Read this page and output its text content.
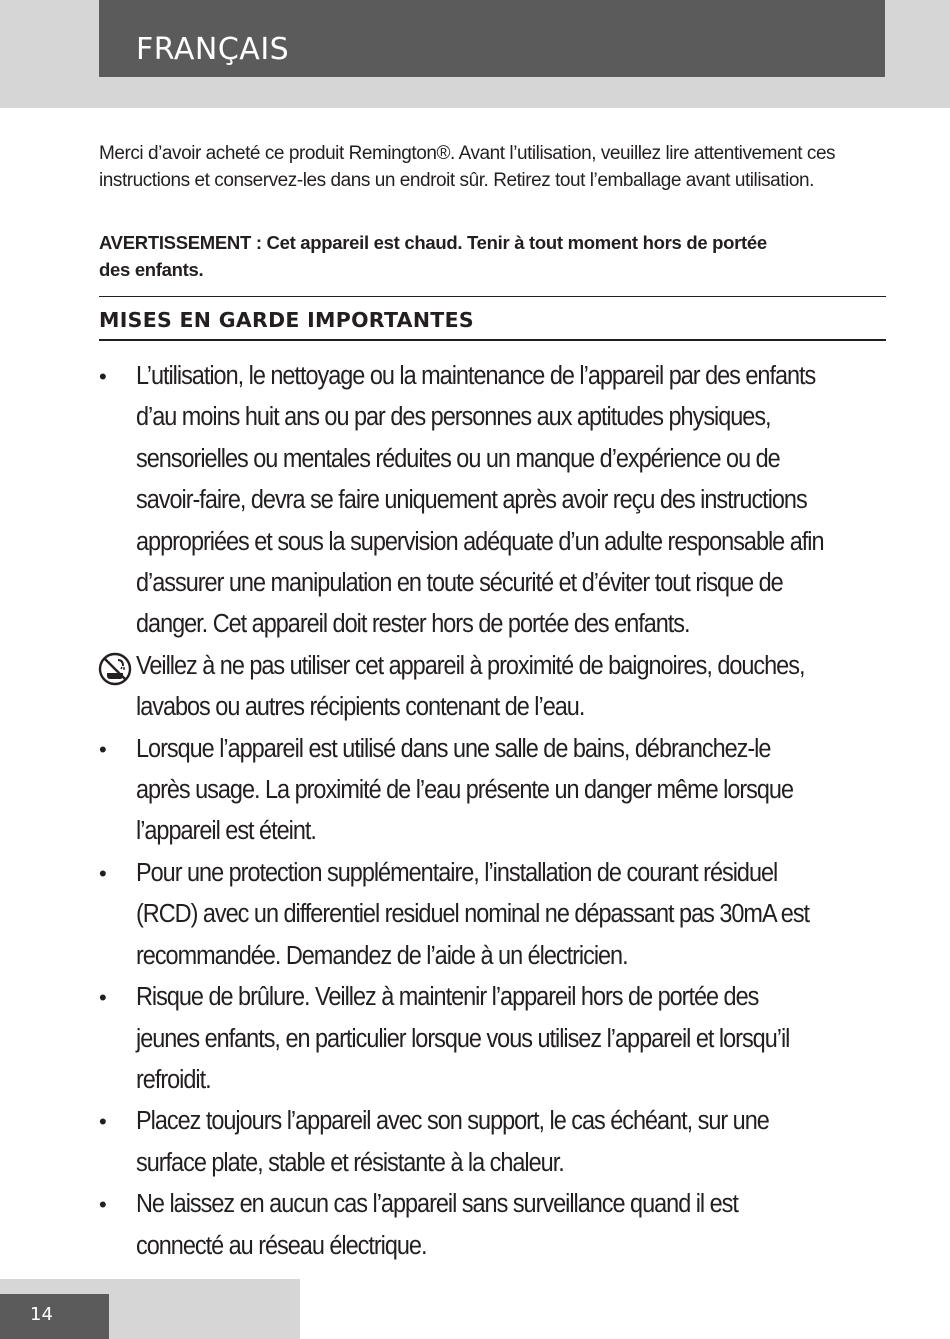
FRANÇAIS

Merci d’avoir acheté ce produit Remington®. Avant l’utilisation, veuillez lire attentivement ces instructions et conservez-les dans un endroit sûr. Retirez tout l’emballage avant utilisation.

AVERTISSEMENT : Cet appareil est chaud. Tenir à tout moment hors de portée des enfants.

MISES EN GARDE IMPORTANTES
• L’utilisation, le nettoyage ou la maintenance de l’appareil par des enfants d’au moins huit ans ou par des personnes aux aptitudes physiques, sensorielles ou mentales réduites ou un manque d’expérience ou de savoir-faire, devra se faire uniquement après avoir reçu des instructions appropriées et sous la supervision adéquate d’un adulte responsable afin d’assurer une manipulation en toute sécurité et d’éviter tout risque de danger. Cet appareil doit rester hors de portée des enfants.
Veillez à ne pas utiliser cet appareil à proximité de baignoires, douches, lavabos ou autres récipients contenant de l’eau.
• Lorsque l’appareil est utilisé dans une salle de bains, débranchez-le après usage. La proximité de l’eau présente un danger même lorsque l’appareil est éteint.
• Pour une protection supplémentaire, l’installation de courant résiduel (RCD) avec un differentiel residuel nominal ne dépassant pas 30mA est recommandée. Demandez de l’aide à un électricien.
• Risque de brûlure. Veillez à maintenir l’appareil hors de portée des jeunes enfants, en particulier lorsque vous utilisez l’appareil et lorsqu’il refroidit.
• Placez toujours l’appareil avec son support, le cas échéant, sur une surface plate, stable et résistante à la chaleur.
• Ne laissez en aucun cas l’appareil sans surveillance quand il est connecté au réseau électrique.
14
